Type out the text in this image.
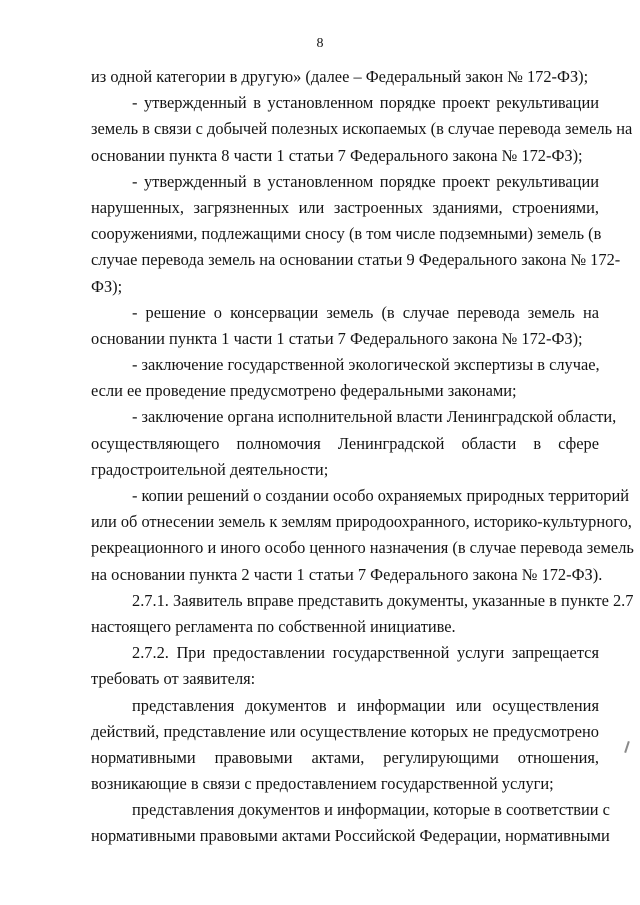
8
из одной категории в другую» (далее – Федеральный закон № 172-ФЗ);
- утвержденный в установленном порядке проект рекультивации
земель в связи с добычей полезных ископаемых (в случае перевода земель на
основании пункта 8 части 1 статьи 7 Федерального закона № 172-ФЗ);
- утвержденный в установленном порядке проект рекультивации
нарушенных, загрязненных или застроенных зданиями, строениями,
сооружениями, подлежащими сносу (в том числе подземными) земель (в
случае перевода земель на основании статьи 9 Федерального закона № 172-
ФЗ);
- решение о консервации земель (в случае перевода земель на
основании пункта 1 части 1 статьи 7 Федерального закона № 172-ФЗ);
- заключение государственной экологической экспертизы в случае,
если ее проведение предусмотрено федеральными законами;
- заключение органа исполнительной власти Ленинградской области,
осуществляющего полномочия Ленинградской области в сфере
градостроительной деятельности;
- копии решений о создании особо охраняемых природных территорий
или об отнесении земель к землям природоохранного, историко-культурного,
рекреационного и иного особо ценного назначения (в случае перевода земель
на основании пункта 2 части 1 статьи 7 Федерального закона № 172-ФЗ).
2.7.1. Заявитель вправе представить документы, указанные в пункте 2.7
настоящего регламента по собственной инициативе.
2.7.2. При предоставлении государственной услуги запрещается
требовать от заявителя:
представления документов и информации или осуществления
действий, представление или осуществление которых не предусмотрено
нормативными правовыми актами, регулирующими отношения,
возникающие в связи с предоставлением государственной услуги;
представления документов и информации, которые в соответствии с
нормативными правовыми актами Российской Федерации, нормативными
